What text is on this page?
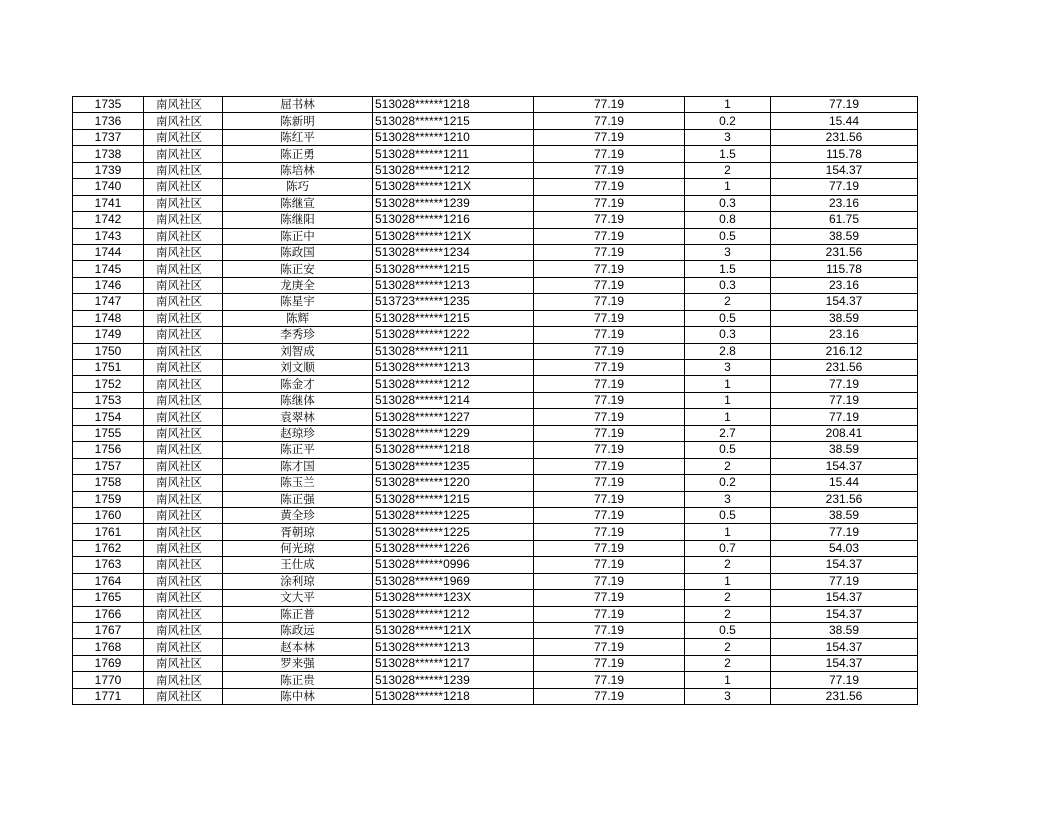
1735	南风社区	屈书林	513028******1218	77.19	1	77.19
1736	南风社区	陈新明	513028******1215	77.19	0.2	15.44
1737	南风社区	陈红平	513028******1210	77.19	3	231.56
1738	南风社区	陈正勇	513028******1211	77.19	1.5	115.78
1739	南风社区	陈培林	513028******1212	77.19	2	154.37
1740	南风社区	陈巧	513028******121X	77.19	1	77.19
1741	南风社区	陈继宣	513028******1239	77.19	0.3	23.16
1742	南风社区	陈继阳	513028******1216	77.19	0.8	61.75
1743	南风社区	陈正中	513028******121X	77.19	0.5	38.59
1744	南风社区	陈政国	513028******1234	77.19	3	231.56
1745	南风社区	陈正安	513028******1215	77.19	1.5	115.78
1746	南风社区	龙庚全	513028******1213	77.19	0.3	23.16
1747	南风社区	陈星宇	513723******1235	77.19	2	154.37
1748	南风社区	陈辉	513028******1215	77.19	0.5	38.59
1749	南风社区	李秀珍	513028******1222	77.19	0.3	23.16
1750	南风社区	刘智成	513028******1211	77.19	2.8	216.12
1751	南风社区	刘文顺	513028******1213	77.19	3	231.56
1752	南风社区	陈金才	513028******1212	77.19	1	77.19
1753	南风社区	陈继体	513028******1214	77.19	1	77.19
1754	南风社区	袁翠林	513028******1227	77.19	1	77.19
1755	南风社区	赵琼珍	513028******1229	77.19	2.7	208.41
1756	南风社区	陈正平	513028******1218	77.19	0.5	38.59
1757	南风社区	陈才国	513028******1235	77.19	2	154.37
1758	南风社区	陈玉兰	513028******1220	77.19	0.2	15.44
1759	南风社区	陈正强	513028******1215	77.19	3	231.56
1760	南风社区	黄全珍	513028******1225	77.19	0.5	38.59
1761	南风社区	胥朝琼	513028******1225	77.19	1	77.19
1762	南风社区	何光琼	513028******1226	77.19	0.7	54.03
1763	南风社区	王仕成	513028******0996	77.19	2	154.37
1764	南风社区	涂利琼	513028******1969	77.19	1	77.19
1765	南风社区	文大平	513028******123X	77.19	2	154.37
1766	南风社区	陈正普	513028******1212	77.19	2	154.37
1767	南风社区	陈政远	513028******121X	77.19	0.5	38.59
1768	南风社区	赵本林	513028******1213	77.19	2	154.37
1769	南风社区	罗来强	513028******1217	77.19	2	154.37
1770	南风社区	陈正贵	513028******1239	77.19	1	77.19
1771	南风社区	陈中林	513028******1218	77.19	3	231.56
